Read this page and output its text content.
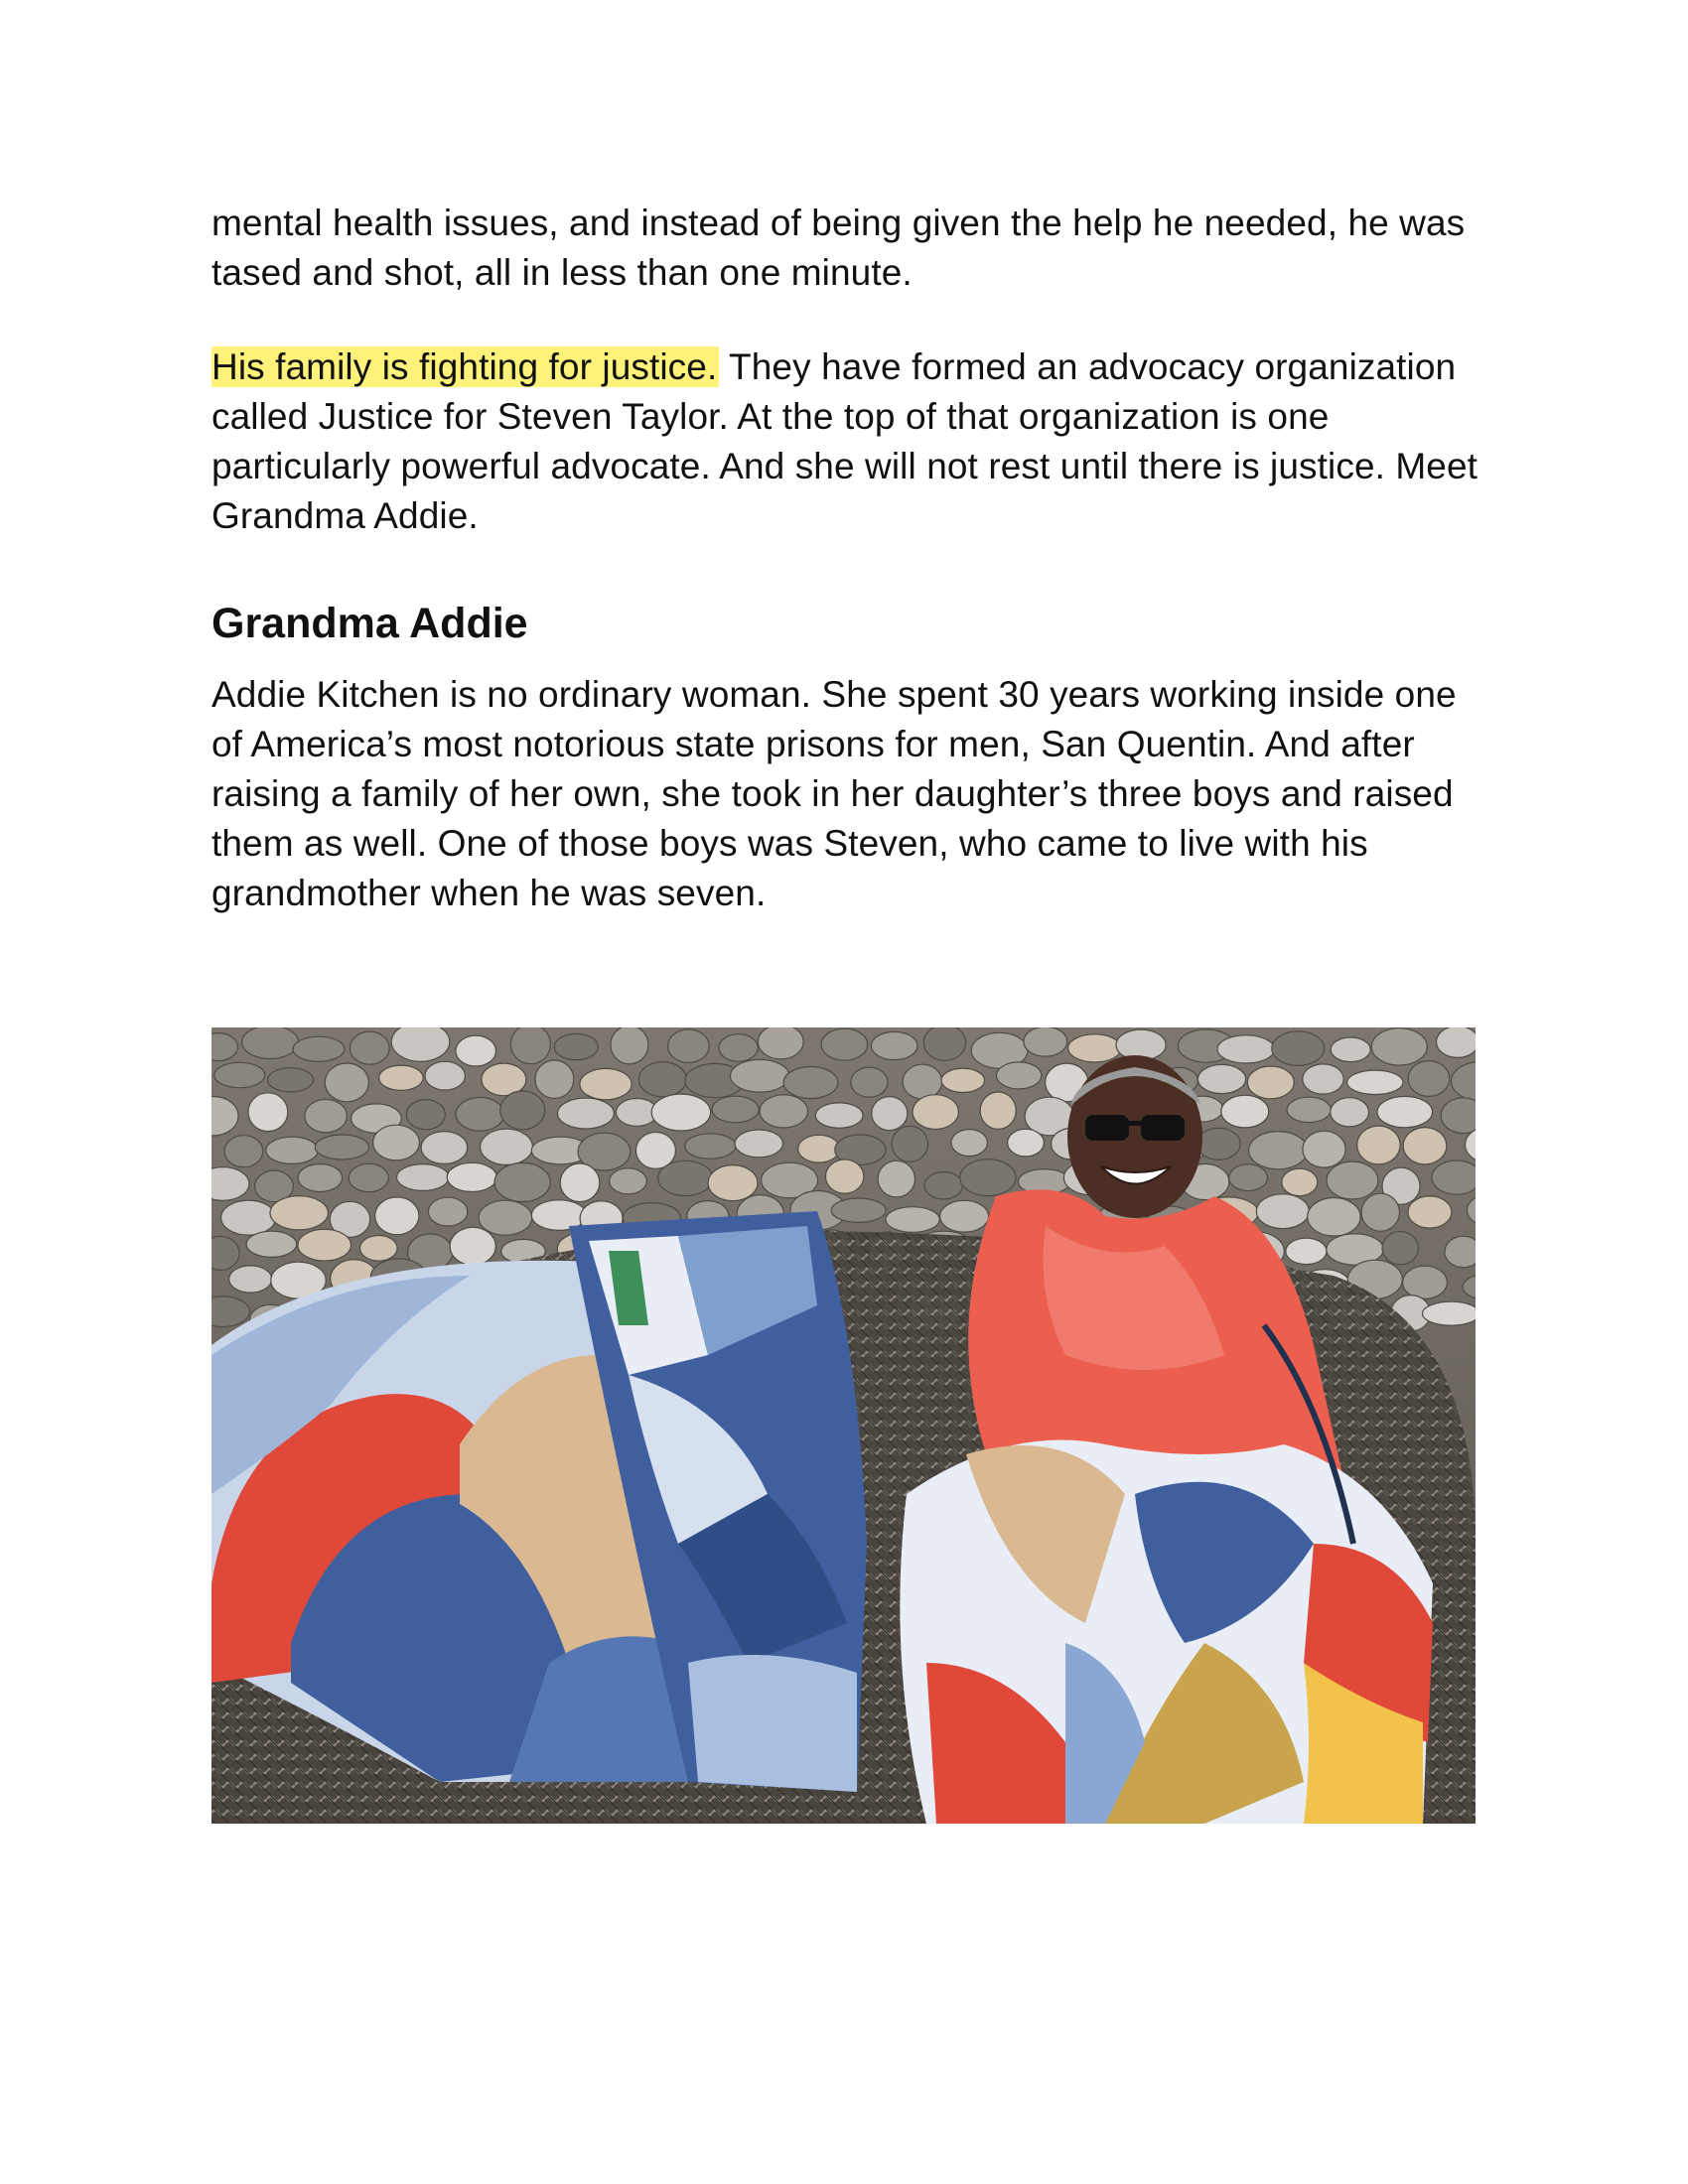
mental health issues, and instead of being given the help he needed, he was tased and shot, all in less than one minute.

His family is fighting for justice. They have formed an advocacy organization called Justice for Steven Taylor. At the top of that organization is one particularly powerful advocate. And she will not rest until there is justice. Meet Grandma Addie.

Grandma Addie

Addie Kitchen is no ordinary woman. She spent 30 years working inside one of America’s most notorious state prisons for men, San Quentin. And after raising a family of her own, she took in her daughter’s three boys and raised them as well. One of those boys was Steven, who came to live with his grandmother when he was seven.
